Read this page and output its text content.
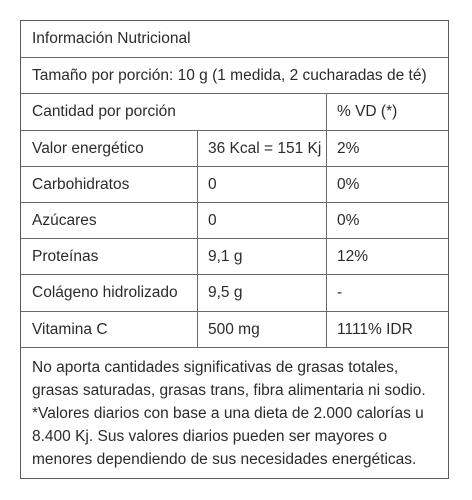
Información Nutricional
Tamaño por porción: 10 g (1 medida, 2 cucharadas de té)
Cantidad por porción	% VD (*)
Valor energético	36 Kcal = 151 Kj	2%
Carbohidratos	0	0%
Azúcares	0	0%
Proteínas	9,1 g	12%
Colágeno hidrolizado	9,5 g	-
Vitamina C	500 mg	1111% IDR

No aporta cantidades significativas de grasas totales, grasas saturadas, grasas trans, fibra alimentaria ni sodio.

*Valores diarios con base a una dieta de 2.000 calorías u 8.400 Kj. Sus valores diarios pueden ser mayores o menores dependiendo de sus necesidades energéticas.
